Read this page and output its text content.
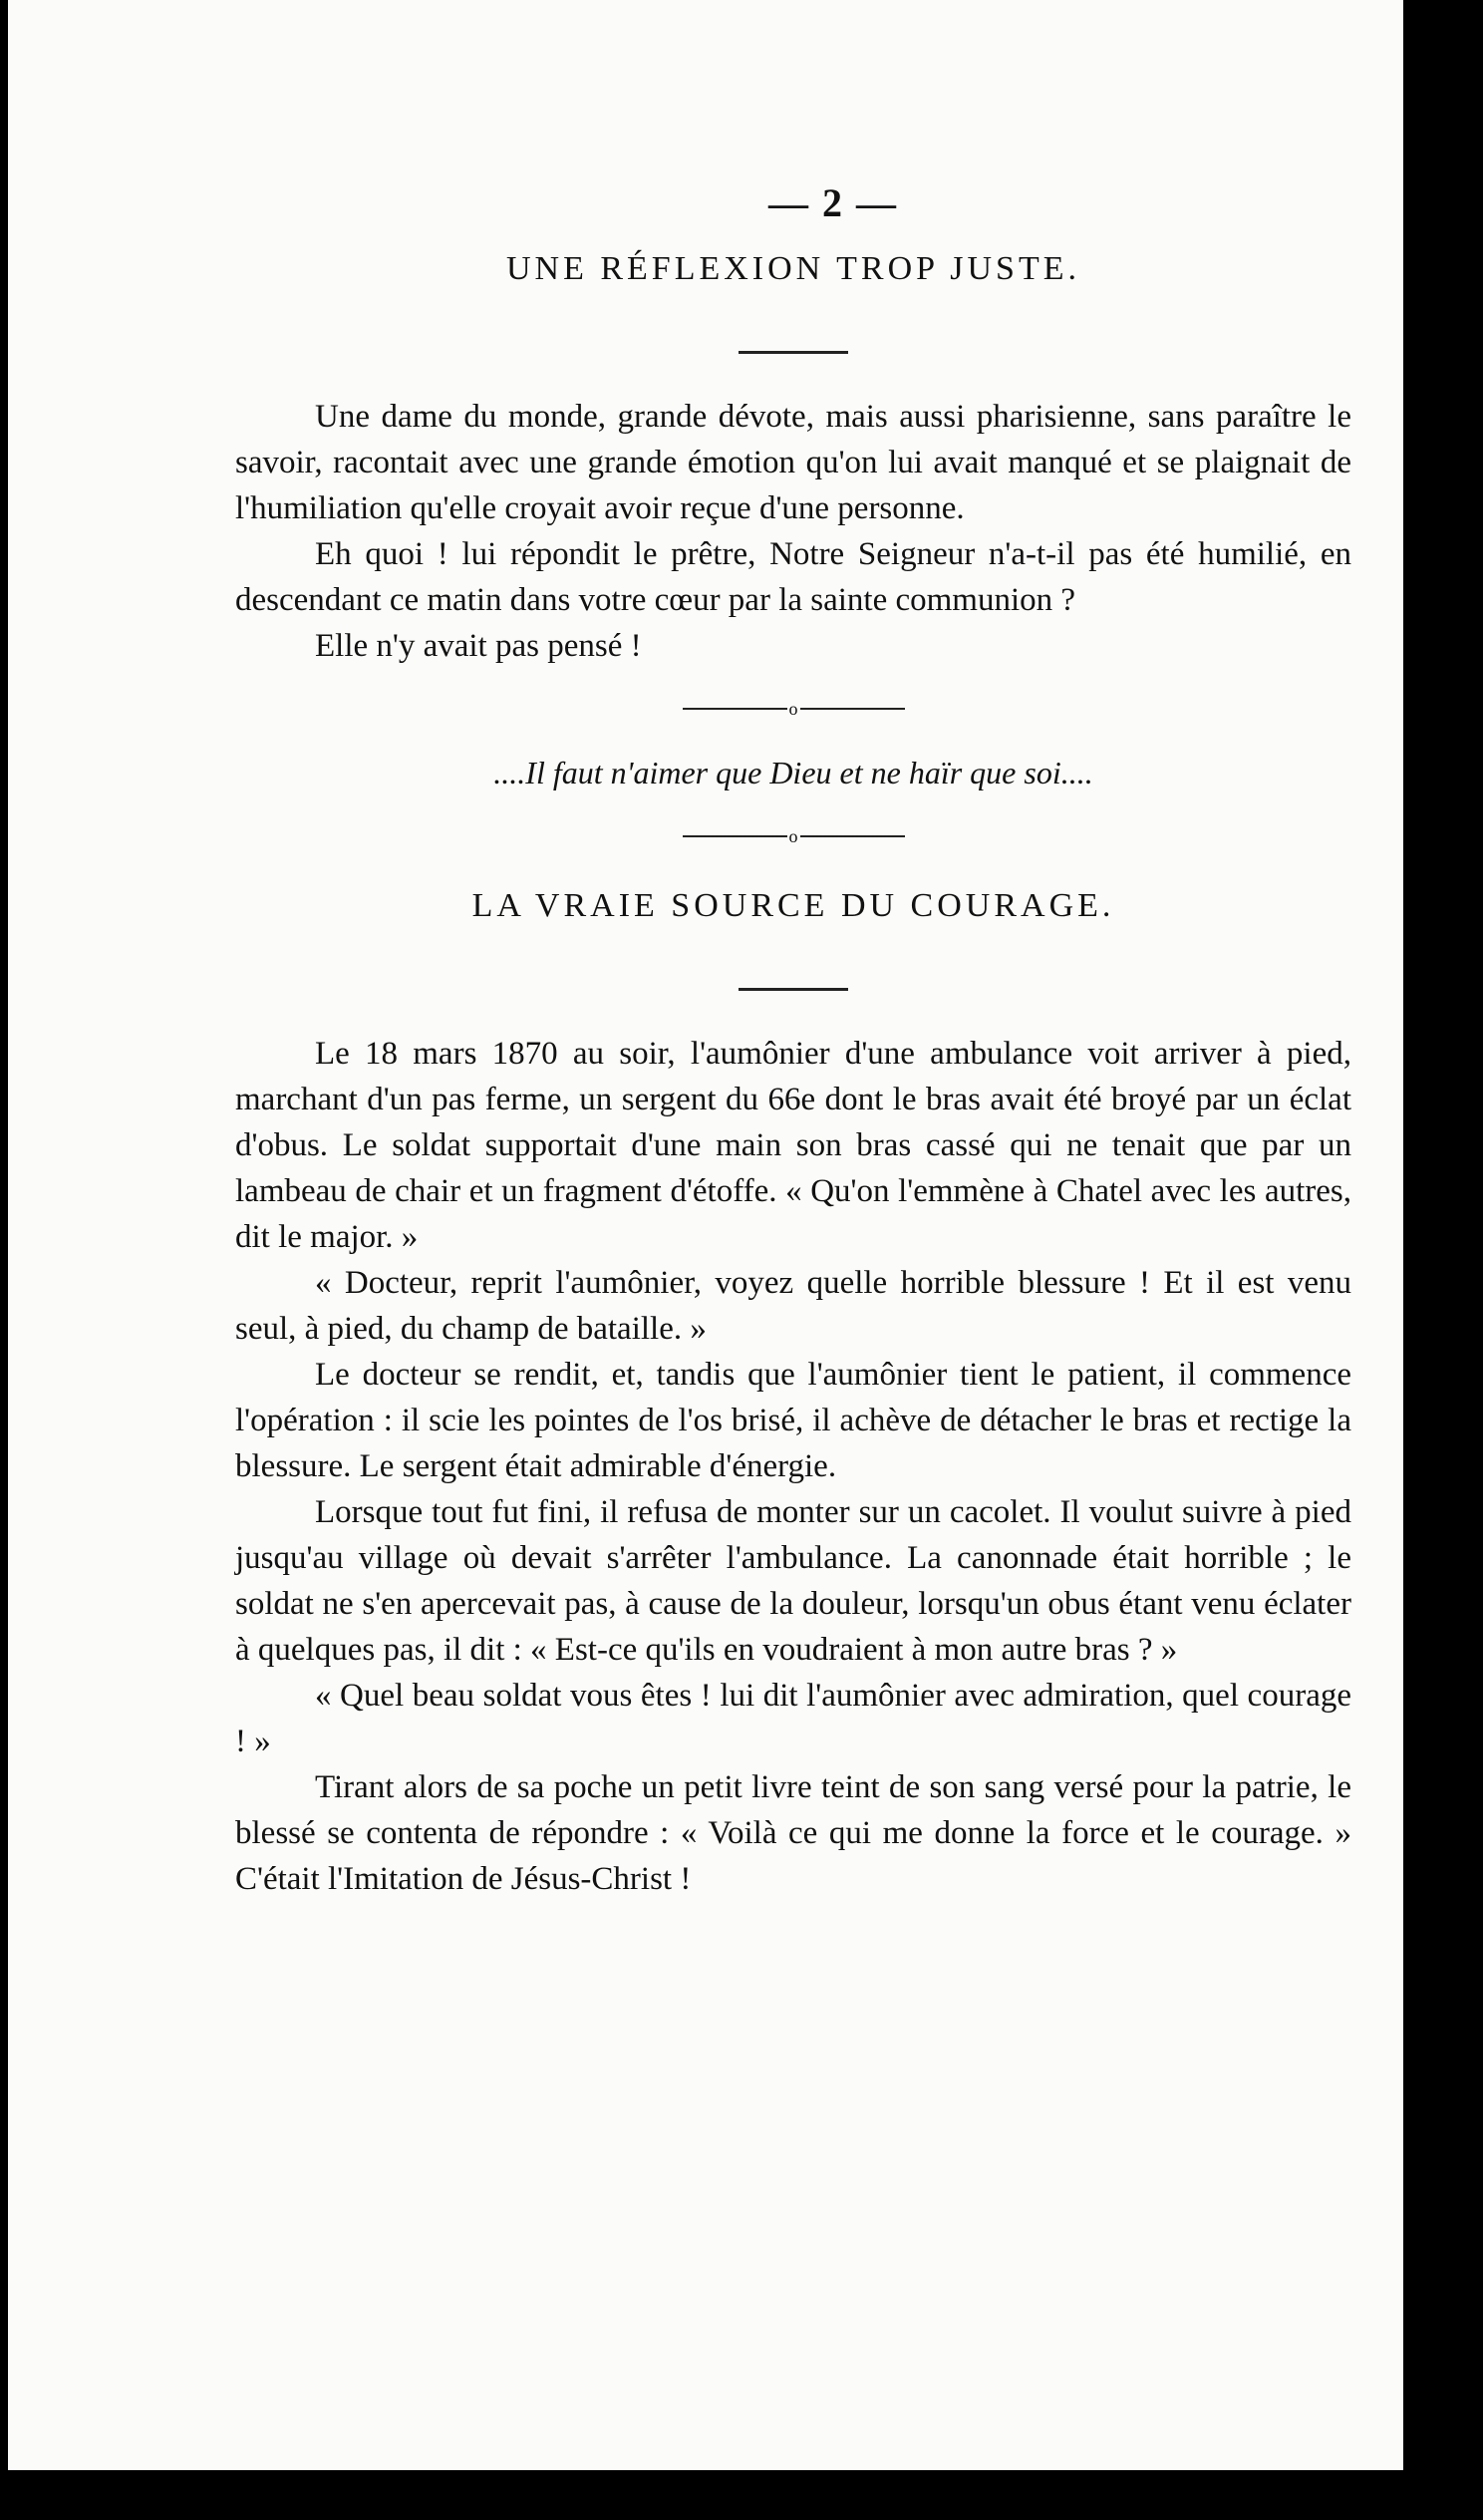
— 2 —
UNE RÉFLEXION TROP JUSTE.

Une dame du monde, grande dévote, mais aussi pharisienne, sans paraître le savoir, racontait avec une grande émotion qu'on lui avait manqué et se plaignait de l'humiliation qu'elle croyait avoir reçue d'une personne.

Eh quoi ! lui répondit le prêtre, Notre Seigneur n'a-t-il pas été humilié, en descendant ce matin dans votre cœur par la sainte communion ?

Elle n'y avait pas pensé !

o
....Il faut n'aimer que Dieu et ne haïr que soi....
o
LA VRAIE SOURCE DU COURAGE.

Le 18 mars 1870 au soir, l'aumônier d'une ambulance voit arriver à pied, marchant d'un pas ferme, un sergent du 66e dont le bras avait été broyé par un éclat d'obus. Le soldat supportait d'une main son bras cassé qui ne tenait que par un lambeau de chair et un fragment d'étoffe. « Qu'on l'emmène à Chatel avec les autres, dit le major. »

« Docteur, reprit l'aumônier, voyez quelle horrible blessure ! Et il est venu seul, à pied, du champ de bataille. »

Le docteur se rendit, et, tandis que l'aumônier tient le patient, il commence l'opération : il scie les pointes de l'os brisé, il achève de détacher le bras et rectige la blessure. Le sergent était admirable d'énergie.

Lorsque tout fut fini, il refusa de monter sur un cacolet. Il voulut suivre à pied jusqu'au village où devait s'arrêter l'ambulance. La canonnade était horrible ; le soldat ne s'en apercevait pas, à cause de la douleur, lorsqu'un obus étant venu éclater à quelques pas, il dit : « Est-ce qu'ils en voudraient à mon autre bras ? »

« Quel beau soldat vous êtes ! lui dit l'aumônier avec admiration, quel courage ! »

Tirant alors de sa poche un petit livre teint de son sang versé pour la patrie, le blessé se contenta de répondre : « Voilà ce qui me donne la force et le courage. » C'était l'Imitation de Jésus-Christ !
